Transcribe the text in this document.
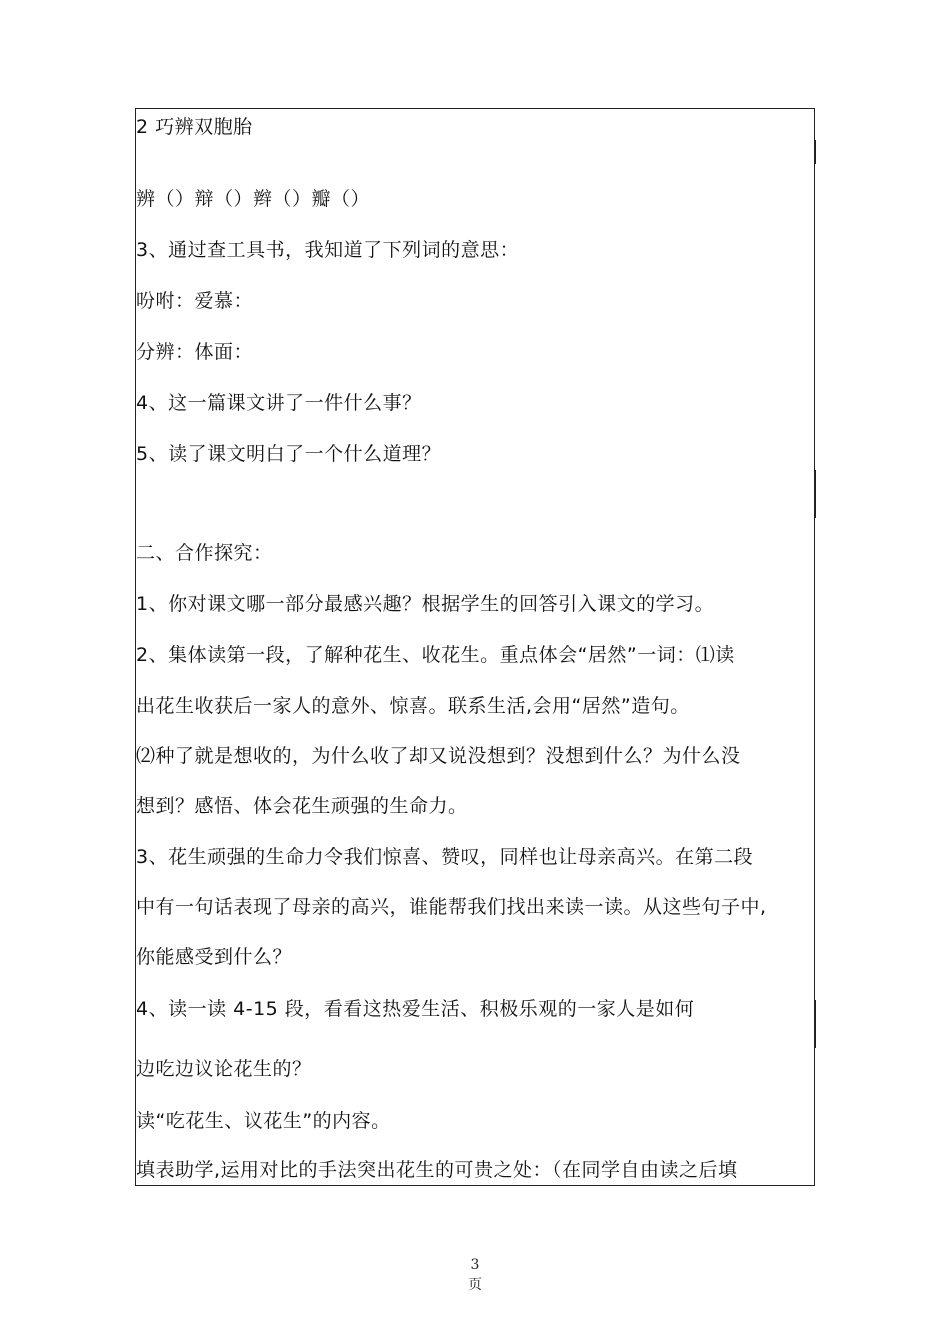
2 巧辨双胞胎
辨（）辩（）辫（）瓣（）
3、通过查工具书，我知道了下列词的意思：
吩咐：爱慕：
分辨：体面：
4、这一篇课文讲了一件什么事？
5、读了课文明白了一个什么道理？
二、合作探究：
1、你对课文哪一部分最感兴趣？根据学生的回答引入课文的学习。
2、集体读第一段，了解种花生、收花生。重点体会“居然”一词：⑴读
出花生收获后一家人的意外、惊喜。联系生活,会用“居然”造句。
⑵种了就是想收的，为什么收了却又说没想到？没想到什么？为什么没
想到？感悟、体会花生顽强的生命力。
3、花生顽强的生命力令我们惊喜、赞叹，同样也让母亲高兴。在第二段
中有一句话表现了母亲的高兴，谁能帮我们找出来读一读。从这些句子中,
你能感受到什么？
4、读一读 4-15 段，看看这热爱生活、积极乐观的一家人是如何
边吃边议论花生的？
读“吃花生、议花生”的内容。
填表助学,运用对比的手法突出花生的可贵之处：（在同学自由读之后填
3
页
